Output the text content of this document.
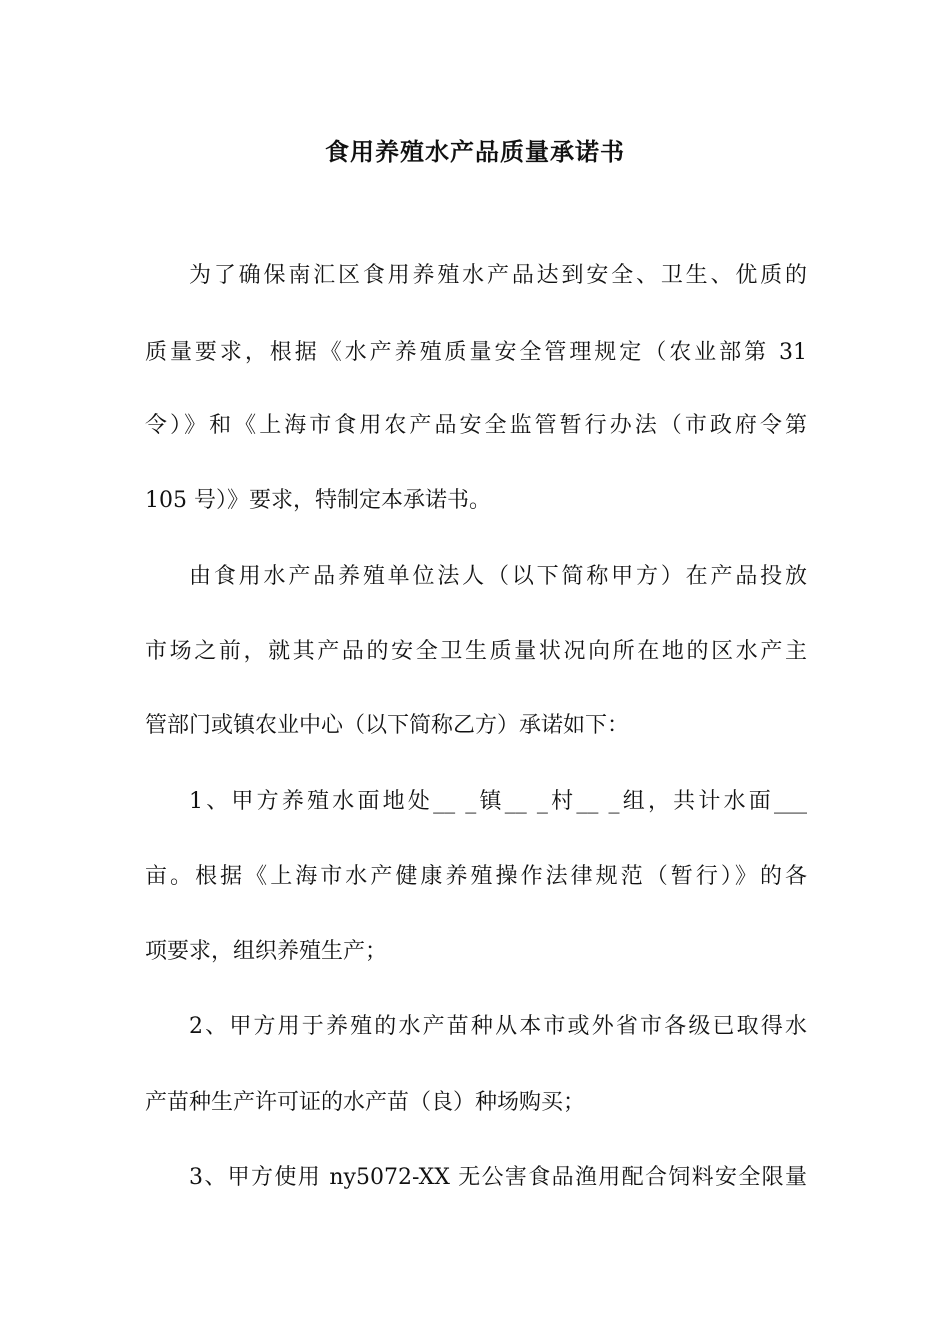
食用养殖水产品质量承诺书
为了确保南汇区食用养殖水产品达到安全、卫生、优质的
质量要求，根据《水产养殖质量安全管理规定（农业部第 31
令）》和《上海市食用农产品安全监管暂行办法（市政府令第
105 号）》要求，特制定本承诺书。
由食用水产品养殖单位法人（以下简称甲方）在产品投放
市场之前，就其产品的安全卫生质量状况向所在地的区水产主
管部门或镇农业中心（以下简称乙方）承诺如下：
1、甲方养殖水面地处__ _镇__ _村__ _组，共计水面___
亩。根据《上海市水产健康养殖操作法律规范（暂行）》的各
项要求，组织养殖生产；
2、甲方用于养殖的水产苗种从本市或外省市各级已取得水
产苗种生产许可证的水产苗（良）种场购买；
3、甲方使用 ny5072-XX 无公害食品渔用配合饲料安全限量
